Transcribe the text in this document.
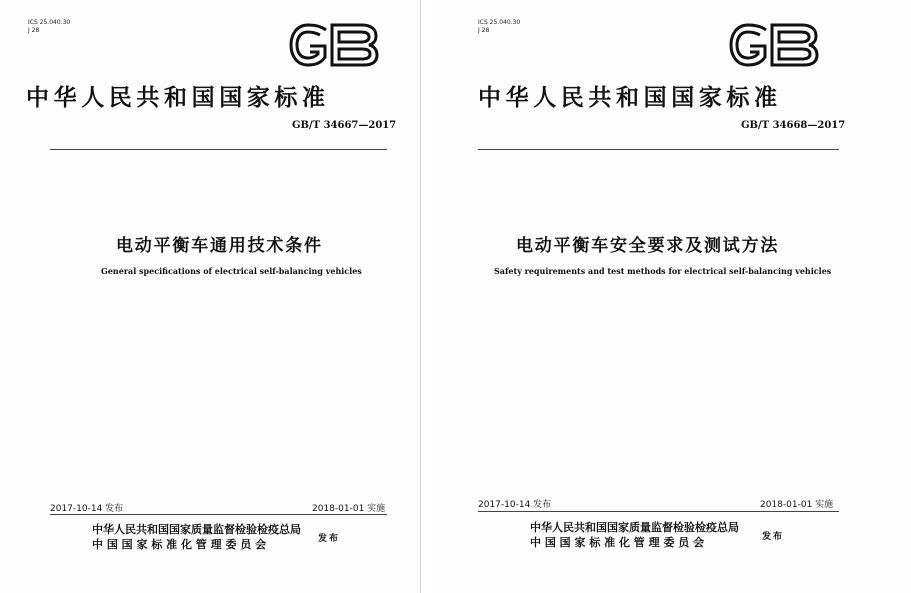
ICS 25.040.30
J 28
中华人民共和国国家标准
GB/T 34667—2017
电动平衡车通用技术条件
General specifications of electrical self-balancing vehicles
2017-10-14 发布	2018-01-01 实施
中华人民共和国国家质量监督检验检疫总局
中 国 国 家 标 准 化 管 理 委 员 会	发布
ICS 25.040.30
J 28
中华人民共和国国家标准
GB/T 34668—2017
电动平衡车安全要求及测试方法
Safety requirements and test methods for electrical self-balancing vehicles
2017-10-14 发布	2018-01-01 实施
中华人民共和国国家质量监督检验检疫总局
中 国 国 家 标 准 化 管 理 委 员 会	发布
